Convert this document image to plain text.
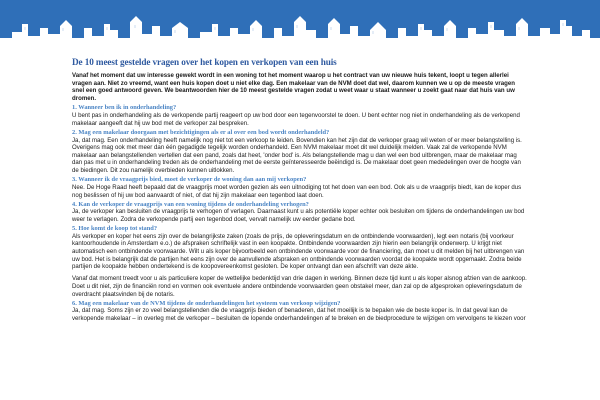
De 10 meest gestelde vragen over het kopen en verkopen van een huis

Vanaf het moment dat uw interesse gewekt wordt in een woning tot het moment waarop u het contract van uw nieuwe huis tekent, loopt u tegen allerlei vragen aan. Niet zo vreemd, want een huis kopen doet u niet elke dag. Een makelaar van de NVM doet dat wel, daarom kunnen we u op de meeste vragen snel een goed antwoord geven. We beantwoorden hier de 10 meest gestelde vragen zodat u weet waar u staat wanneer u zoekt gaat naar dat huis van uw dromen.

1. Wanneer ben ik in onderhandeling?

U bent pas in onderhandeling als de verkopende partij reageert op uw bod door een tegenvoorstel te doen. U bent echter nog niet in onderhandeling als de verkopend makelaar aangeeft dat hij uw bod met de verkoper zal bespreken.

2. Mag een makelaar doorgaan met bezichtigingen als er al over een bod wordt onderhandeld?

Ja, dat mag. Een onderhandeling heeft namelijk nog niet tot een verkoop te leiden. Bovendien kan het zijn dat de verkoper graag wil weten of er meer belangstelling is. Overigens mag ook met meer dan één gegadigde tegelijk worden onderhandeld. Een NVM makelaar moet dit wel duidelijk melden. Vaak zal de verkopende NVM makelaar aan belangstellenden vertellen dat een pand, zoals dat heet, 'onder bod' is. Als belangstellende mag u dan wel een bod uitbrengen, maar de makelaar mag dan pas met u in onderhandeling treden als de onderhandeling met de eerste geïnteresseerde beëindigd is. De makelaar doet geen mededelingen over de hoogte van de biedingen. Dit zou namelijk overbieden kunnen uitlokken.

3. Wanneer ik de vraagprijs bied, moet de verkoper de woning dan aan mij verkopen?

Nee. De Hoge Raad heeft bepaald dat de vraagprijs moet worden gezien als een uitnodiging tot het doen van een bod. Ook als u de vraagprijs biedt, kan de koper dus nog beslissen of hij uw bod aanvaardt of niet, of dat hij zijn makelaar een tegenbod laat doen.

4. Kan de verkoper de vraagprijs van een woning tijdens de onderhandeling verhogen?

Ja, de verkoper kan besluiten de vraagprijs te verhogen of verlagen. Daarnaast kunt u als potentiële koper echter ook besluiten om tijdens de onderhandelingen uw bod weer te verlagen. Zodra de verkopende partij een tegenbod doet, vervalt namelijk uw eerder gedane bod.

5. Hoe komt de koop tot stand?

Als verkoper en koper het eens zijn over de belangrijkste zaken (zoals de prijs, de opleveringsdatum en de ontbindende voorwaarden), legt een notaris (bij voorkeur kantoorhoudende in Amsterdam e.o.) de afspraken schriftelijk vast in een koopakte. Ontbindende voorwaarden zijn hierin een belangrijk onderwerp. U krijgt niet automatisch een ontbindende voorwaarde. Wilt u als koper bijvoorbeeld een ontbindende voorwaarde voor de financiering, dan moet u dit melden bij het uitbrengen van uw bod. Het is belangrijk dat de partijen het eens zijn over de aanvullende afspraken en ontbindende voorwaarden voordat de koopakte wordt opgemaakt. Zodra beide partijen de koopakte hebben ondertekend is de koopovereenkomst gesloten. De koper ontvangt dan een afschrift van deze akte.

Vanaf dat moment treedt voor u als particuliere koper de wettelijke bedenktijd van drie dagen in werking. Binnen deze tijd kunt u als koper alsnog afzien van de aankoop. Doet u dit niet, zijn de financiën rond en vormen ook eventuele andere ontbindende voorwaarden geen obstakel meer, dan zal op de afgesproken opleveringsdatum de overdracht plaatsvinden bij de notaris.

6. Mag een makelaar van de NVM tijdens de onderhandelingen het systeem van verkoop wijzigen?

Ja, dat mag. Soms zijn er zo veel belangstellenden die de vraagprijs bieden of benaderen, dat het moeilijk is te bepalen wie de beste koper is. In dat geval kan de verkopende makelaar – in overleg met de verkoper – besluiten de lopende onderhandelingen af te breken en de biedprocedure te wijzigen om vervolgens te kiezen voor
